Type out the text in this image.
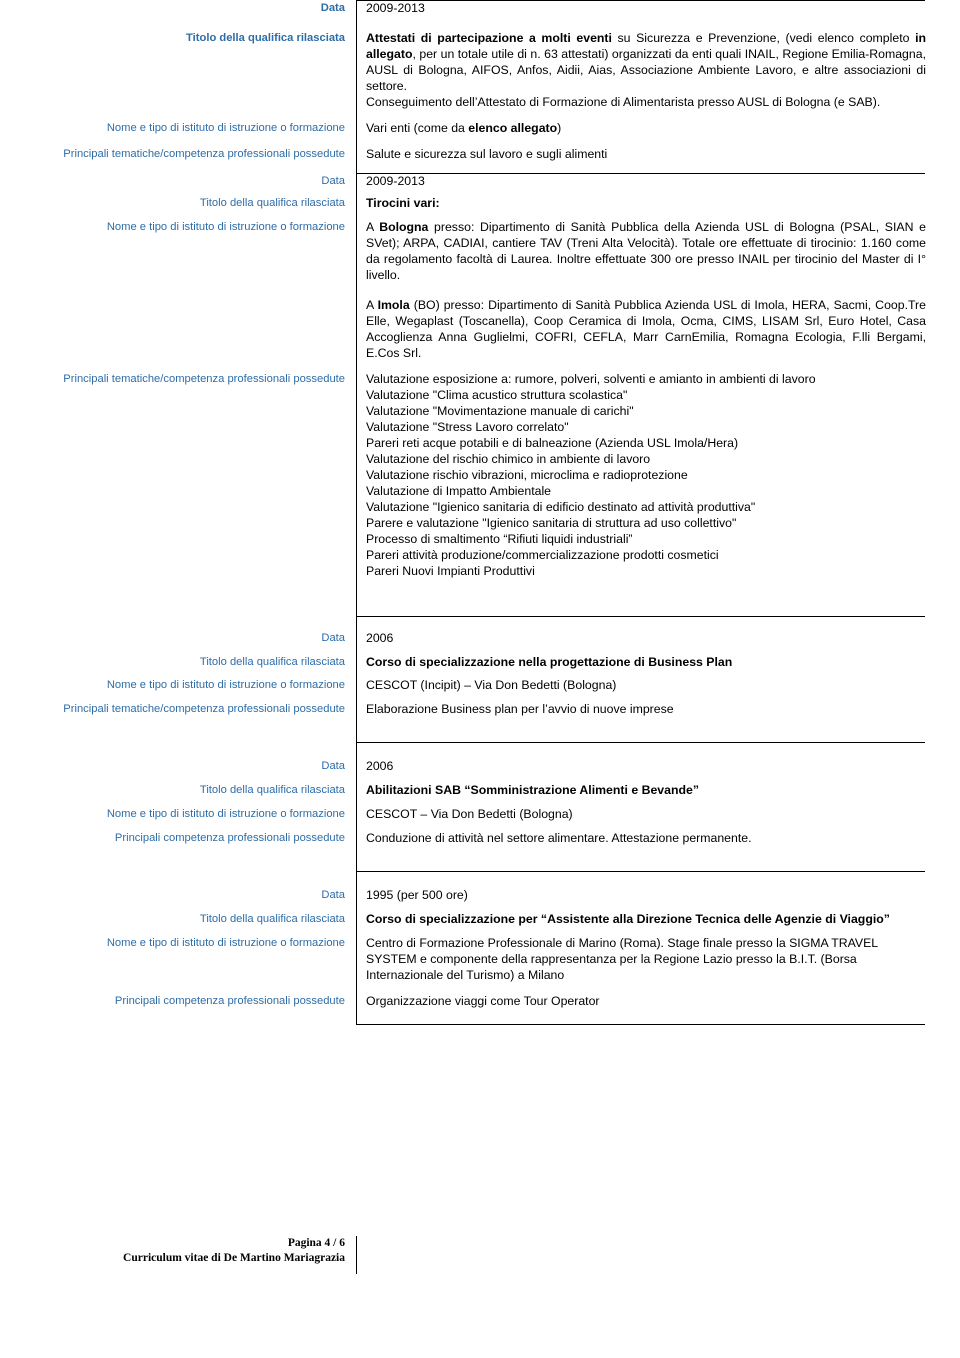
Data	2009-2013
Titolo della qualifica rilasciata	Attestati di partecipazione a molti eventi su Sicurezza e Prevenzione, (vedi elenco completo in allegato, per un totale utile di n. 63 attestati) organizzati da enti quali INAIL, Regione Emilia-Romagna, AUSL di Bologna, AIFOS, Anfos, Aidii, Aias, Associazione Ambiente Lavoro, e altre associazioni di settore.
Conseguimento dell’Attestato di Formazione di Alimentarista presso AUSL di Bologna (e SAB).
Nome e tipo di istituto di istruzione o formazione	Vari enti (come da elenco allegato)
Principali tematiche/competenza professionali possedute	Salute e sicurezza sul lavoro e sugli alimenti
Data	2009-2013
Titolo della qualifica rilasciata	Tirocini vari:
Nome e tipo di istituto di istruzione o formazione	A Bologna presso: Dipartimento di Sanità Pubblica della Azienda USL di Bologna (PSAL, SIAN e SVet); ARPA, CADIAI, cantiere TAV (Treni Alta Velocità). Totale ore effettuate di tirocinio: 1.160 come da regolamento facoltà di Laurea. Inoltre effettuate 300 ore presso INAIL per tirocinio del Master di I° livello.
A Imola (BO) presso: Dipartimento di Sanità Pubblica Azienda USL di Imola, HERA, Sacmi, Coop.Tre Elle, Wegaplast (Toscanella), Coop Ceramica di Imola, Ocma, CIMS, LISAM Srl, Euro Hotel, Casa Accoglienza Anna Guglielmi, COFRI, CEFLA, Marr CarnEmilia, Romagna Ecologia, F.lli Bergami, E.Cos Srl.
Principali tematiche/competenza professionali possedute	Valutazione esposizione a: rumore, polveri, solventi e amianto in ambienti di lavoro
Valutazione "Clima acustico struttura scolastica"
Valutazione "Movimentazione manuale di carichi"
Valutazione "Stress Lavoro correlato"
Pareri reti acque potabili e di balneazione (Azienda USL Imola/Hera)
Valutazione del rischio chimico in ambiente di lavoro
Valutazione rischio vibrazioni, microclima e radioprotezione
Valutazione di Impatto Ambientale
Valutazione "Igienico sanitaria di edificio destinato ad attività produttiva"
Parere e valutazione "Igienico sanitaria di struttura ad uso collettivo"
Processo di smaltimento “Rifiuti liquidi industriali”
Pareri attività produzione/commercializzazione prodotti cosmetici
Pareri Nuovi Impianti Produttivi
Data	2006
Titolo della qualifica rilasciata	Corso di specializzazione nella progettazione di Business Plan
Nome e tipo di istituto di istruzione o formazione	CESCOT (Incipit) – Via Don Bedetti (Bologna)
Principali tematiche/competenza professionali possedute	Elaborazione Business plan per l’avvio di nuove imprese
Data	2006
Titolo della qualifica rilasciata	Abilitazioni SAB “Somministrazione Alimenti e Bevande”
Nome e tipo di istituto di istruzione o formazione	CESCOT – Via Don Bedetti (Bologna)
Principali competenza professionali possedute	Conduzione di attività nel settore alimentare. Attestazione permanente.
Data	1995 (per 500 ore)
Titolo della qualifica rilasciata	Corso di specializzazione per “Assistente alla Direzione Tecnica delle Agenzie di Viaggio”
Nome e tipo di istituto di istruzione o formazione	Centro di Formazione Professionale di Marino (Roma). Stage finale presso la SIGMA TRAVEL SYSTEM e componente della rappresentanza per la Regione Lazio presso la B.I.T. (Borsa Internazionale del Turismo) a Milano
Principali competenza professionali possedute	Organizzazione viaggi come Tour Operator
Pagina 4 / 6
Curriculum vitae di De Martino Mariagrazia
